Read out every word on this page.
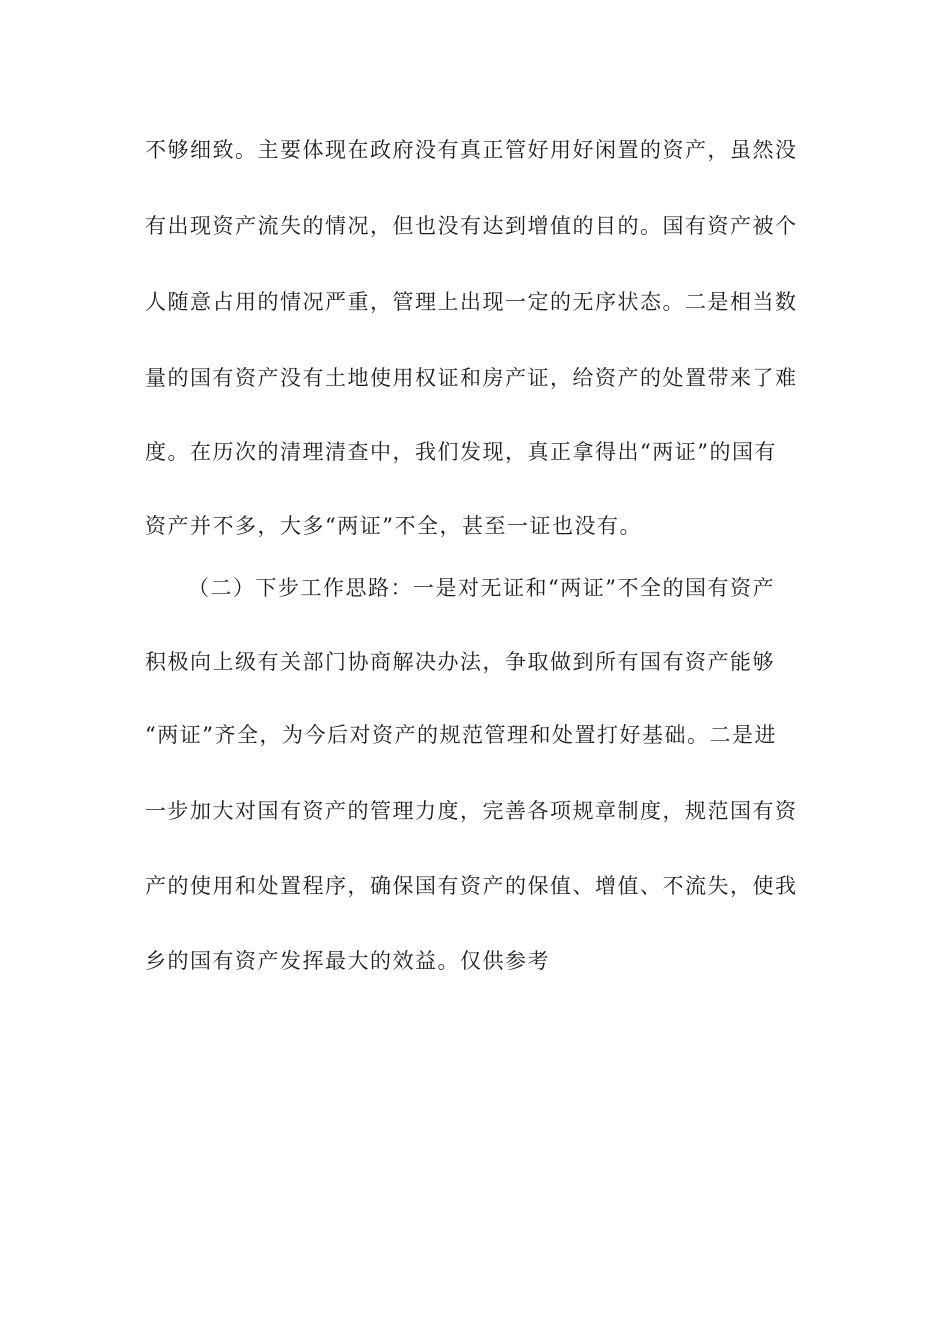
不够细致。主要体现在政府没有真正管好用好闲置的资产，虽然没
有出现资产流失的情况，但也没有达到增值的目的。国有资产被个
人随意占用的情况严重，管理上出现一定的无序状态。二是相当数
量的国有资产没有土地使用权证和房产证，给资产的处置带来了难
度。在历次的清理清查中，我们发现，真正拿得出“两证”的国有
资产并不多，大多“两证”不全，甚至一证也没有。
（二）下步工作思路：一是对无证和“两证”不全的国有资产
积极向上级有关部门协商解决办法，争取做到所有国有资产能够
“两证”齐全，为今后对资产的规范管理和处置打好基础。二是进
一步加大对国有资产的管理力度，完善各项规章制度，规范国有资
产的使用和处置程序，确保国有资产的保值、增值、不流失，使我
乡的国有资产发挥最大的效益。仅供参考
